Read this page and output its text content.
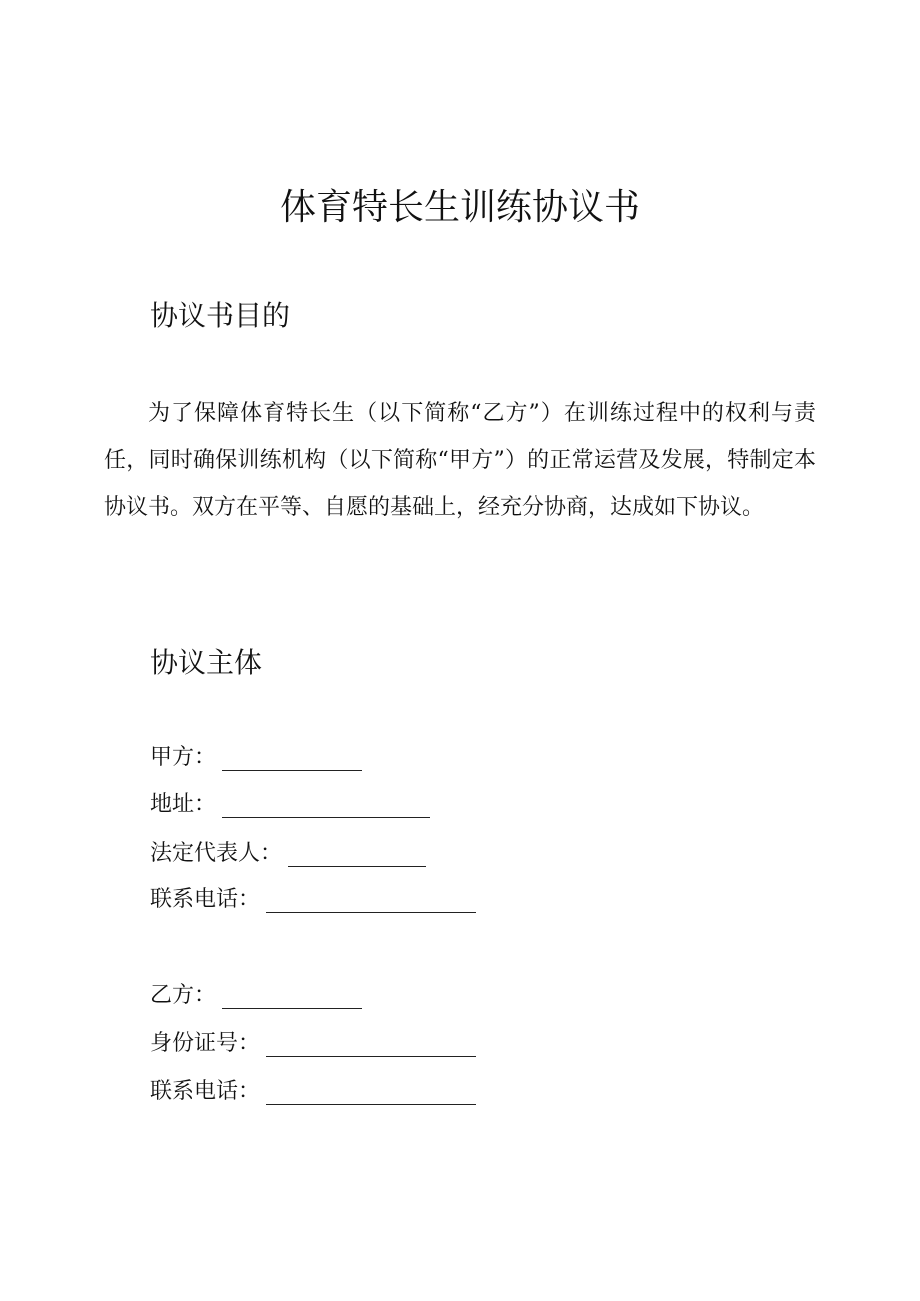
体育特长生训练协议书
协议书目的
为了保障体育特长生（以下简称“乙方”）在训练过程中的权利与责任，同时确保训练机构（以下简称“甲方”）的正常运营及发展，特制定本协议书。双方在平等、自愿的基础上，经充分协商，达成如下协议。
协议主体
甲方：
地址：
法定代表人：
联系电话：
乙方：
身份证号：
联系电话：
